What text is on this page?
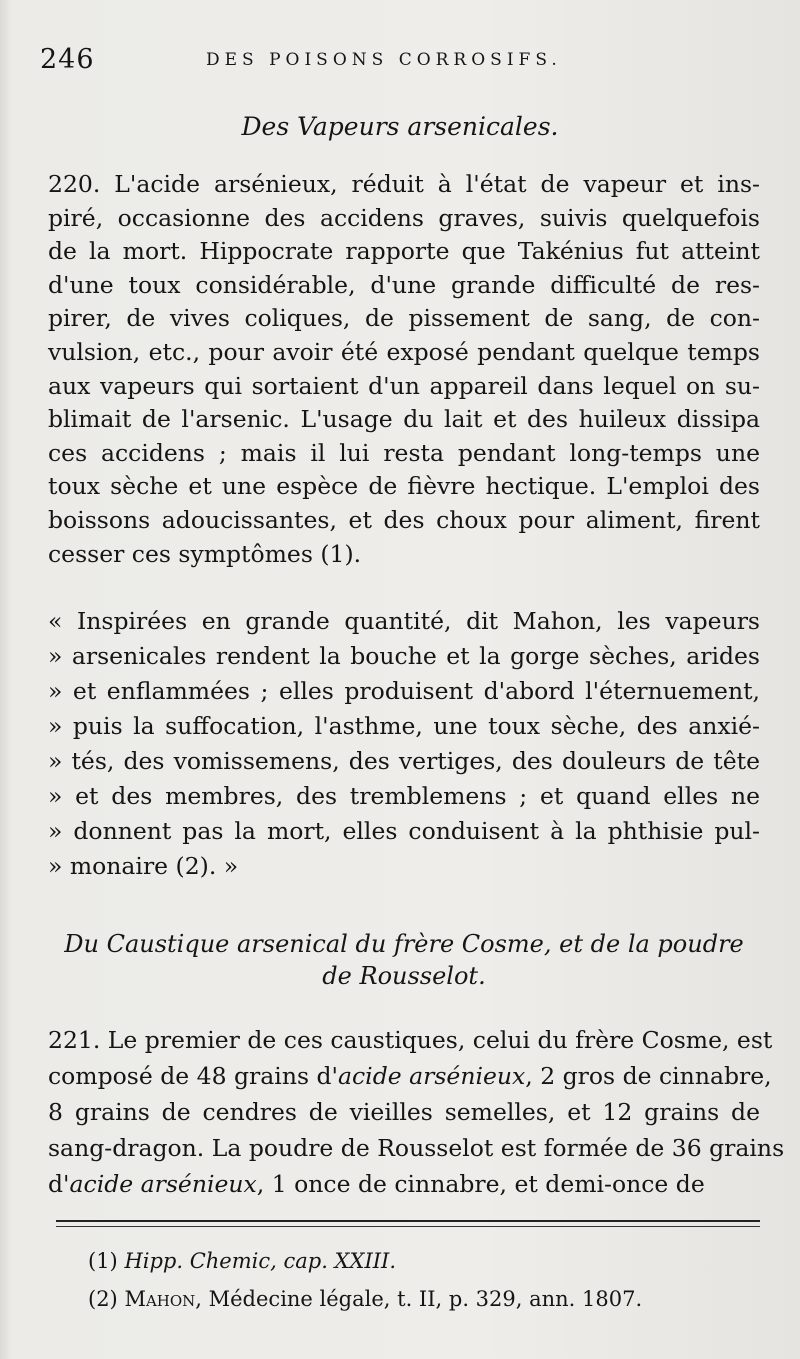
246	DES POISONS CORROSIFS.
Des Vapeurs arsenicales.
220. L'acide arsénieux, réduit à l'état de vapeur et ins-
piré, occasionne des accidens graves, suivis quelquefois
de la mort. Hippocrate rapporte que Takénius fut atteint
d'une toux considérable, d'une grande difficulté de res-
pirer, de vives coliques, de pissement de sang, de con-
vulsion, etc., pour avoir été exposé pendant quelque temps
aux vapeurs qui sortaient d'un appareil dans lequel on su-
blimait de l'arsenic. L'usage du lait et des huileux dissipa
ces accidens ; mais il lui resta pendant long-temps une
toux sèche et une espèce de fièvre hectique. L'emploi des
boissons adoucissantes, et des choux pour aliment, firent
cesser ces symptômes (1).
« Inspirées en grande quantité, dit Mahon, les vapeurs
» arsenicales rendent la bouche et la gorge sèches, arides
» et enflammées ; elles produisent d'abord l'éternuement,
» puis la suffocation, l'asthme, une toux sèche, des anxié-
» tés, des vomissemens, des vertiges, des douleurs de tête
» et des membres, des tremblemens ; et quand elles ne
» donnent pas la mort, elles conduisent à la phthisie pul-
» monaire (2). »
Du Caustique arsenical du frère Cosme, et de la poudre
de Rousselot.
221. Le premier de ces caustiques, celui du frère Cosme, est
composé de 48 grains d'acide arsénieux, 2 gros de cinnabre,
8 grains de cendres de vieilles semelles, et 12 grains de
sang-dragon. La poudre de Rousselot est formée de 36 grains
d'acide arsénieux, 1 once de cinnabre, et demi-once de
(1) Hipp. Chemic, cap. XXIII.
(2) Mahon, Médecine légale, t. II, p. 329, ann. 1807.
